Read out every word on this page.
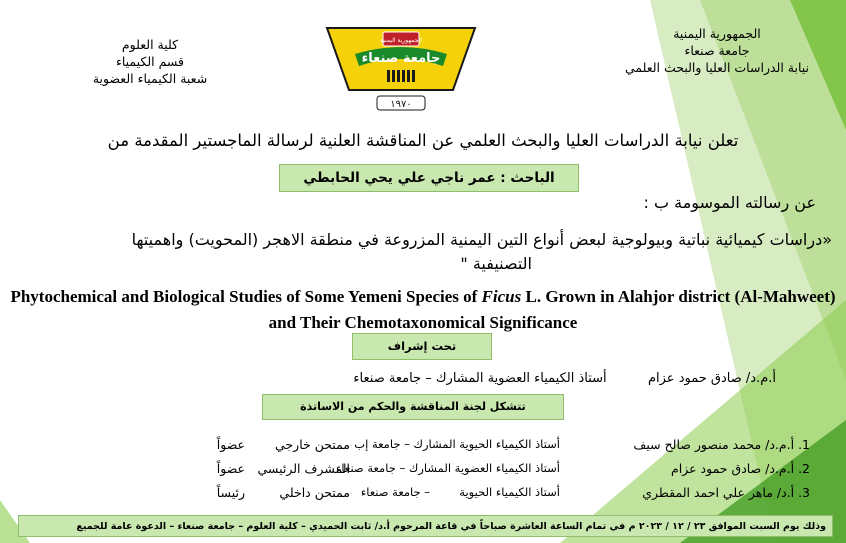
الجمهورية اليمنية
جامعة صنعاء
نيابة الدراسات العليا والبحث العلمي
كلية العلوم
قسم الكيمياء
شعبة الكيمياء العضوية
الجمهورية اليمنية
جامعة صنعاء
١٩٧٠
تعلن نيابة الدراسات العليا والبحث العلمي عن المناقشة العلنية لرسالة الماجستير المقدمة من
الباحث : عمر ناجي علي يحي الحابطي
عن رسالته الموسومة ب :
«دراسات كيميائية نباتية وبيولوجية لبعض أنواع التين اليمنية المزروعة في منطقة الاهجر (المحويت) واهميتها
التصنيفية "
Phytochemical and Biological Studies of Some Yemeni Species of Ficus L. Grown in Alahjor district (Al-Mahweet) and Their Chemotaxonomical Significance
تحت إشراف
أ.م.د/ صادق حمود عزام          أستاذ الكيمياء العضوية المشارك – جامعة صنعاء
تتشكل لجنة المناقشة والحكم من الاساتذة
1. أ.م.د/ محمد منصور صالح سيف
أستاذ الكيمياء الحيوية المشارك – جامعة إب
ممتحن خارجي
عضواً
2. أ.م.د/ صادق حمود عزام
أستاذ الكيمياء العضوية المشارك – جامعة صنعاء
المشرف الرئيسي
عضواً
3. أ.د/ ماهر علي احمد المقطري
أستاذ الكيمياء الحيوية        – جامعة صنعاء
ممتحن داخلي
رئيساً
وذلك يوم السبت الموافق ٢٣ / ١٢ / ٢٠٢٣ م في تمام الساعة العاشرة صباحاً في قاعة المرحوم أ.د/ ثابت الحميدي – كلية العلوم – جامعة صنعاء – الدعوة عامة للجميع
